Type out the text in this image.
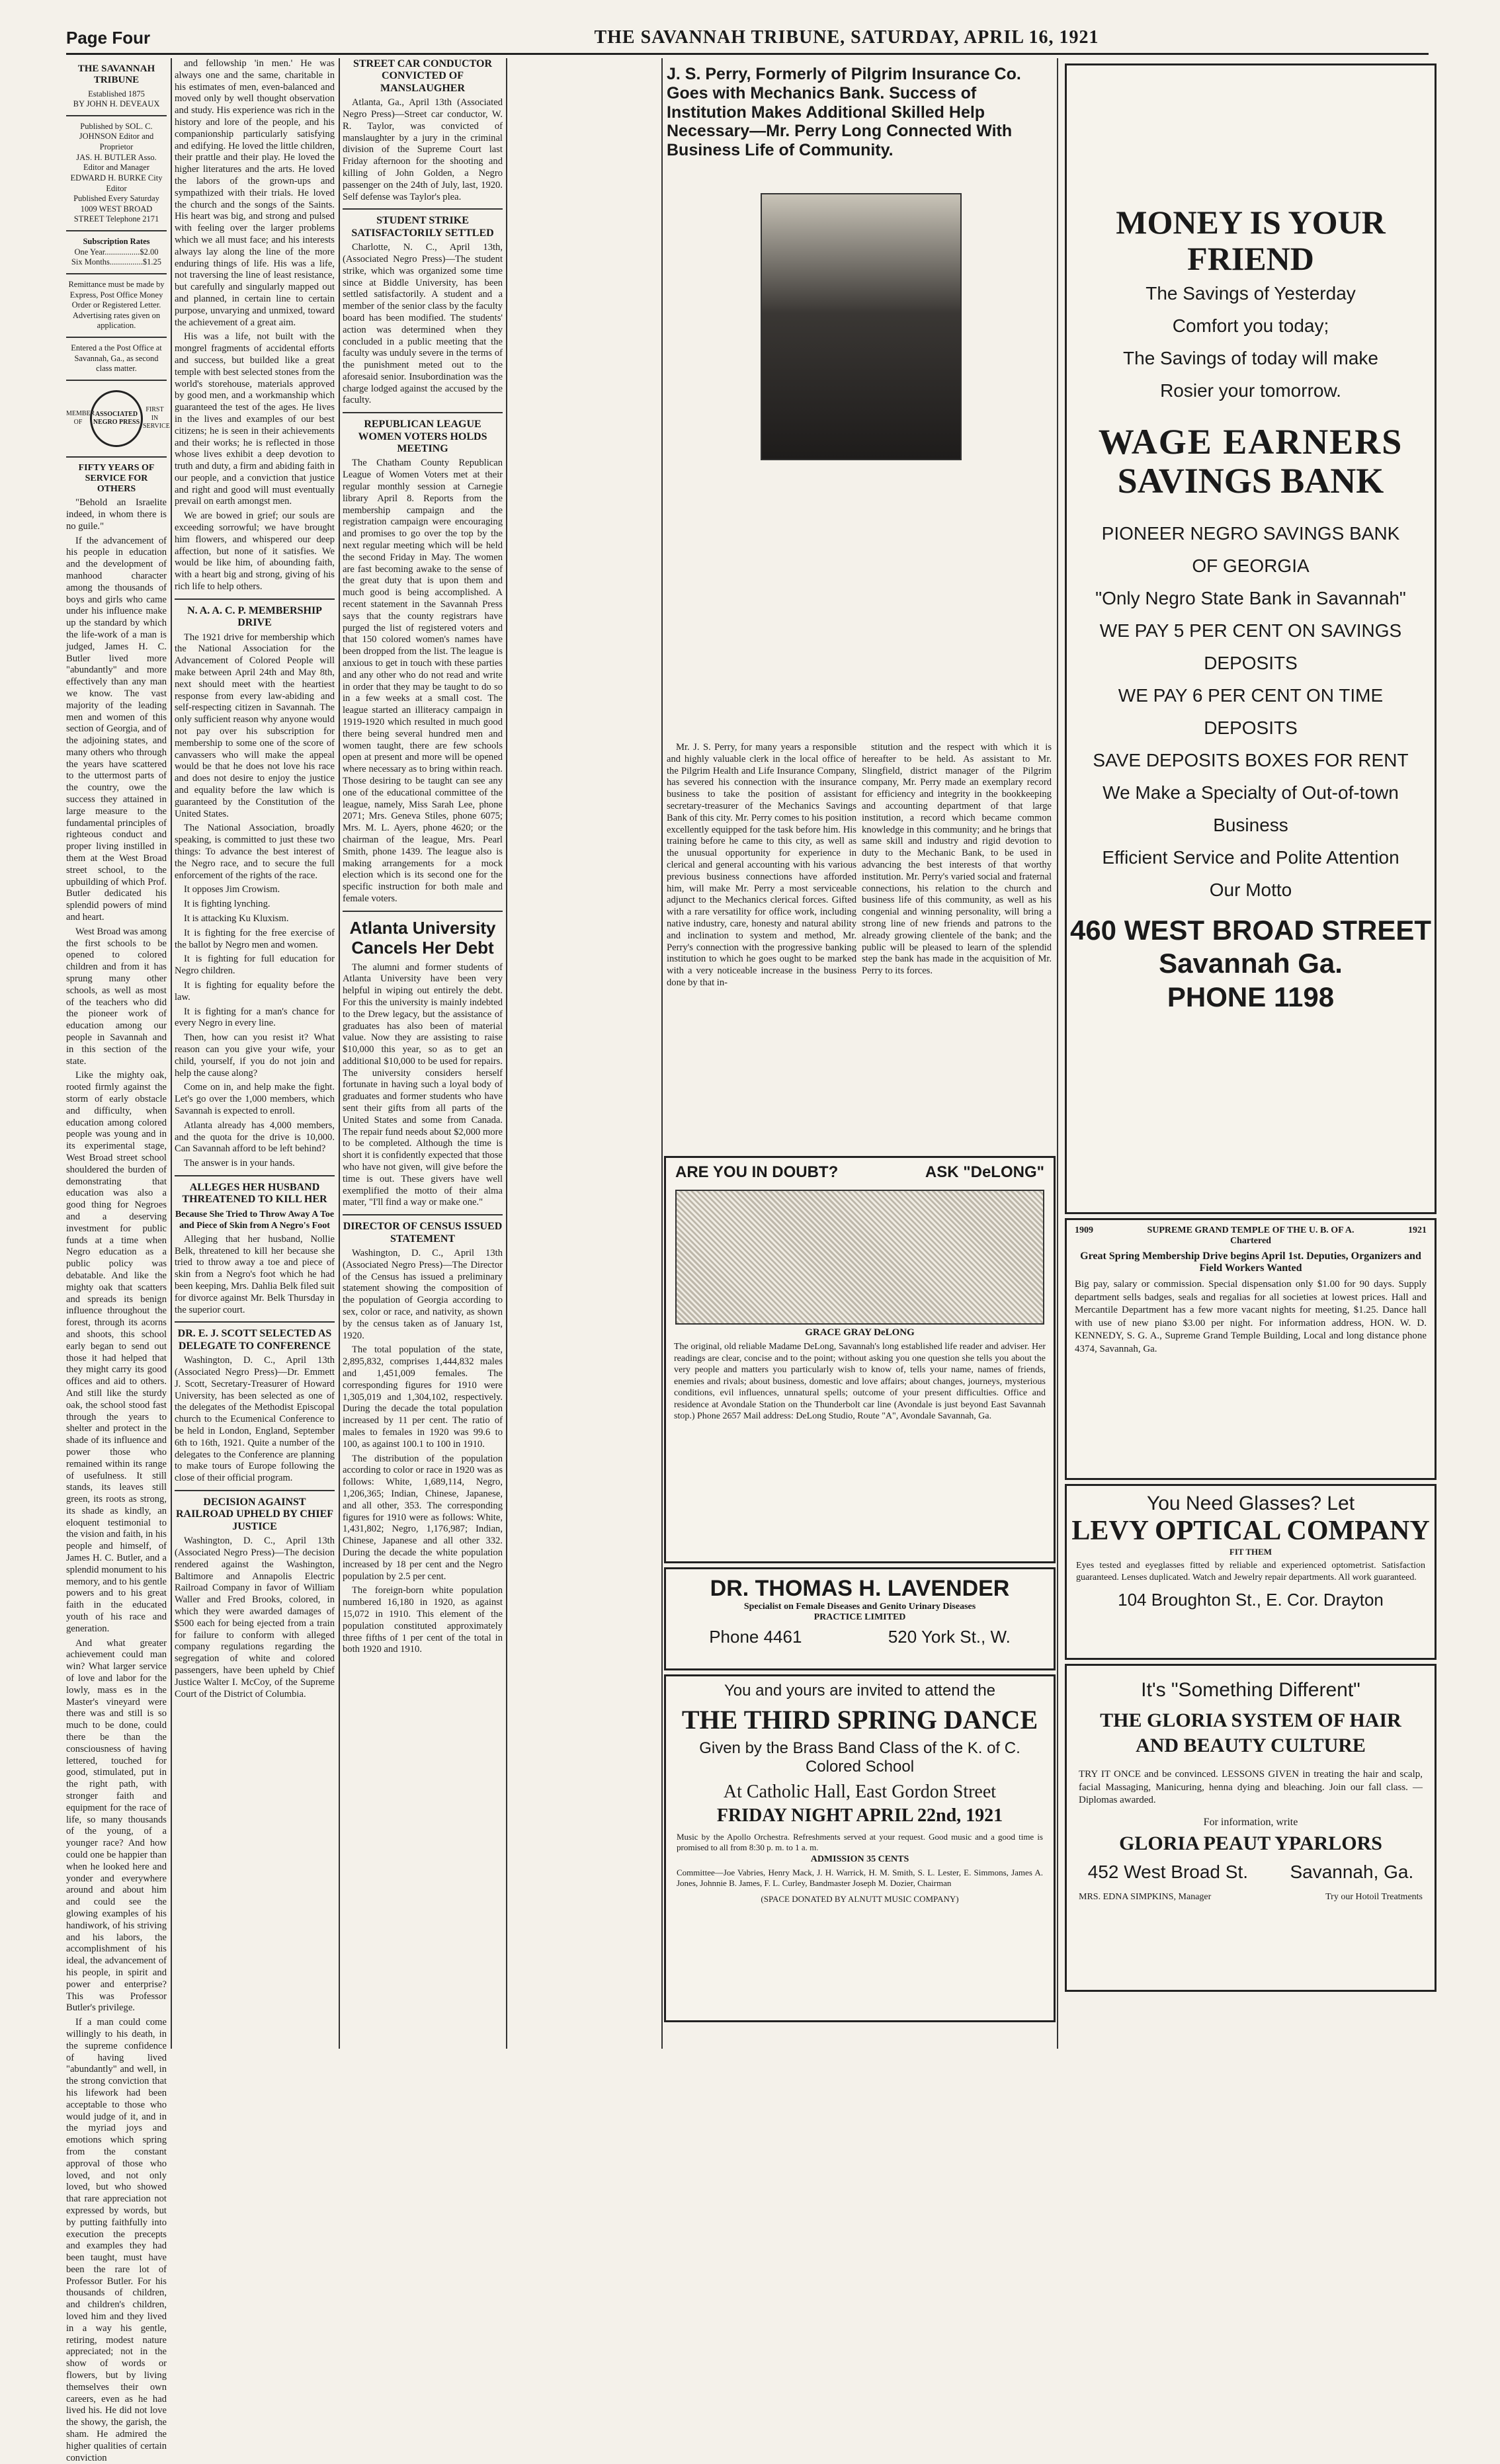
Page Four	THE SAVANNAH TRIBUNE, SATURDAY, APRIL 16, 1921
THE SAVANNAH TRIBUNE
Established 1875
BY JOHN H. DEVEAUX
Published by SOL. C. JOHNSON Editor and Proprietor
JAS. H. BUTLER Asso. Editor and Manager
EDWARD H. BURKE City Editor
Published Every Saturday 1009 WEST BROAD STREET Telephone 2171
Subscription Rates
One Year.................$2.00
Six Months................$1.25
Remittance must be made by Express, Post Office Money Order or Registered Letter. Advertising rates given on application.
Entered a the Post Office at Savannah, Ga., as second class matter.
MEMBER OF
ASSOCIATED NEGRO PRESS
FIRST IN SERVICE
FIFTY YEARS OF SERVICE FOR OTHERS

"Behold an Israelite indeed, in whom there is no guile."

If the advancement of his people in education and the development of manhood character among the thousands of boys and girls who came under his influence make up the standard by which the life-work of a man is judged, James H. C. Butler lived more "abundantly" and more effectively than any man we know. The vast majority of the leading men and women of this section of Georgia, and of the adjoining states, and many others who through the years have scattered to the uttermost parts of the country, owe the success they attained in large measure to the fundamental principles of righteous conduct and proper living instilled in them at the West Broad street school, to the upbuilding of which Prof. Butler dedicated his splendid powers of mind and heart.

West Broad was among the first schools to be opened to colored children and from it has sprung many other schools, as well as most of the teachers who did the pioneer work of education among our people in Savannah and in this section of the state.

Like the mighty oak, rooted firmly against the storm of early obstacle and difficulty, when education among colored people was young and in its experimental stage, West Broad street school shouldered the burden of demonstrating that education was also a good thing for Negroes and a deserving investment for public funds at a time when Negro education as a public policy was debatable. And like the mighty oak that scatters and spreads its benign influence throughout the forest, through its acorns and shoots, this school early began to send out those it had helped that they might carry its good offices and aid to others. And still like the sturdy oak, the school stood fast through the years to shelter and protect in the shade of its influence and power those who remained within its range of usefulness. It still stands, its leaves still green, its roots as strong, its shade as kindly, an eloquent testimonial to the vision and faith, in his people and himself, of James H. C. Butler, and a splendid monument to his memory, and to his gentle powers and to his great faith in the educated youth of his race and generation.

And what greater achievement could man win? What larger service of love and labor for the lowly, mass es in the Master's vineyard were there was and still is so much to be done, could there be than the consciousness of having lettered, touched for good, stimulated, put in the right path, with stronger faith and equipment for the race of life, so many thousands of the young, of a younger race? And how could one be happier than when he looked here and yonder and everywhere around and about him and could see the glowing examples of his handiwork, of his striving and his labors, the accomplishment of his ideal, the advancement of his people, in spirit and power and enterprise? This was Professor Butler's privilege.

If a man could come willingly to his death, in the supreme confidence of having lived "abundantly" and well, in the strong conviction that his lifework had been acceptable to those who would judge of it, and in the myriad joys and emotions which spring from the constant approval of those who loved, and not only loved, but who showed that rare appreciation not expressed by words, but by putting faithfully into execution the precepts and examples they had been taught, must have been the rare lot of Professor Butler. For his thousands of children, and children's children, loved him and they lived in a way his gentle, retiring, modest nature appreciated; not in the show of words or flowers, but by living themselves their own careers, even as he had lived his. He did not love the showy, the garish, the sham. He admired the higher qualities of certain conviction

and fellowship 'in men.' He was always one and the same, charitable in his estimates of men, even-balanced and moved only by well thought observation and study. His experience was rich in the history and lore of the people, and his companionship particularly satisfying and edifying. He loved the little children, their prattle and their play. He loved the higher literatures and the arts. He loved the labors of the grown-ups and sympathized with their trials. He loved the church and the songs of the Saints. His heart was big, and strong and pulsed with feeling over the larger problems which we all must face; and his interests always lay along the line of the more enduring things of life. His was a life, not traversing the line of least resistance, but carefully and singularly mapped out and planned, in certain line to certain purpose, unvarying and unmixed, toward the achievement of a great aim.

His was a life, not built with the mongrel fragments of accidental efforts and success, but builded like a great temple with best selected stones from the world's storehouse, materials approved by good men, and a workmanship which guaranteed the test of the ages. He lives in the lives and examples of our best citizens; he is seen in their achievements and their works; he is reflected in those whose lives exhibit a deep devotion to truth and duty, a firm and abiding faith in our people, and a conviction that justice and right and good will must eventually prevail on earth amongst men.

We are bowed in grief; our souls are exceeding sorrowful; we have brought him flowers, and whispered our deep affection, but none of it satisfies. We would be like him, of abounding faith, with a heart big and strong, giving of his rich life to help others.

N. A. A. C. P. MEMBERSHIP DRIVE

The 1921 drive for membership which the National Association for the Advancement of Colored People will make between April 24th and May 8th, next should meet with the heartiest response from every law-abiding and self-respecting citizen in Savannah. The only sufficient reason why anyone would not pay over his subscription for membership to some one of the score of canvassers who will make the appeal would be that he does not love his race and does not desire to enjoy the justice and equality before the law which is guaranteed by the Constitution of the United States.

The National Association, broadly speaking, is committed to just these two things: To advance the best interest of the Negro race, and to secure the full enforcement of the rights of the race.

It opposes Jim Crowism.

It is fighting lynching.

It is attacking Ku Kluxism.

It is fighting for the free exercise of the ballot by Negro men and women.

It is fighting for full education for Negro children.

It is fighting for equality before the law.

It is fighting for a man's chance for every Negro in every line.

Then, how can you resist it? What reason can you give your wife, your child, yourself, if you do not join and help the cause along?

Come on in, and help make the fight. Let's go over the 1,000 members, which Savannah is expected to enroll.

Atlanta already has 4,000 members, and the quota for the drive is 10,000. Can Savannah afford to be left behind?

The answer is in your hands.

ALLEGES HER HUSBAND THREATENED TO KILL HER
Because She Tried to Throw Away A Toe and Piece of Skin from A Negro's Foot

Alleging that her husband, Nollie Belk, threatened to kill her because she tried to throw away a toe and piece of skin from a Negro's foot which he had been keeping, Mrs. Dahlia Belk filed suit for divorce against Mr. Belk Thursday in the superior court.

DR. E. J. SCOTT SELECTED AS DELEGATE TO CONFERENCE

Washington, D. C., April 13th (Associated Negro Press)—Dr. Emmett J. Scott, Secretary-Treasurer of Howard University, has been selected as one of the delegates of the Methodist Episcopal church to the Ecumenical Conference to be held in London, England, September 6th to 16th, 1921. Quite a number of the delegates to the Conference are planning to make tours of Europe following the close of their official program.

DECISION AGAINST RAILROAD UPHELD BY CHIEF JUSTICE

Washington, D. C., April 13th (Associated Negro Press)—The decision rendered against the Washington, Baltimore and Annapolis Electric Railroad Company in favor of William Waller and Fred Brooks, colored, in which they were awarded damages of $500 each for being ejected from a train for failure to conform with alleged company regulations regarding the segregation of white and colored passengers, have been upheld by Chief Justice Walter I. McCoy, of the Supreme Court of the District of Columbia.

STREET CAR CONDUCTOR CONVICTED OF MANSLAUGHER

Atlanta, Ga., April 13th (Associated Negro Press)—Street car conductor, W. R. Taylor, was convicted of manslaughter by a jury in the criminal division of the Supreme Court last Friday afternoon for the shooting and killing of John Golden, a Negro passenger on the 24th of July, last, 1920. Self defense was Taylor's plea.

STUDENT STRIKE SATISFACTORILY SETTLED

Charlotte, N. C., April 13th, (Associated Negro Press)—The student strike, which was organized some time since at Biddle University, has been settled satisfactorily. A student and a member of the senior class by the faculty board has been modified. The students' action was determined when they concluded in a public meeting that the faculty was unduly severe in the terms of the punishment meted out to the aforesaid senior. Insubordination was the charge lodged against the accused by the faculty.

REPUBLICAN LEAGUE WOMEN VOTERS HOLDS MEETING

The Chatham County Republican League of Women Voters met at their regular monthly session at Carnegie library April 8. Reports from the membership campaign and the registration campaign were encouraging and promises to go over the top by the next regular meeting which will be held the second Friday in May. The women are fast becoming awake to the sense of the great duty that is upon them and much good is being accomplished. A recent statement in the Savannah Press says that the county registrars have purged the list of registered voters and that 150 colored women's names have been dropped from the list. The league is anxious to get in touch with these parties and any other who do not read and write in order that they may be taught to do so in a few weeks at a small cost. The league started an illiteracy campaign in 1919-1920 which resulted in much good there being several hundred men and women taught, there are few schools open at present and more will be opened where necessary as to bring within reach. Those desiring to be taught can see any one of the educational committee of the league, namely, Miss Sarah Lee, phone 2071; Mrs. Geneva Stiles, phone 6075; Mrs. M. L. Ayers, phone 4620; or the chairman of the league, Mrs. Pearl Smith, phone 1439. The league also is making arrangements for a mock election which is its second one for the specific instruction for both male and female voters.

Atlanta University Cancels Her Debt

The alumni and former students of Atlanta University have been very helpful in wiping out entirely the debt. For this the university is mainly indebted to the Drew legacy, but the assistance of graduates has also been of material value. Now they are assisting to raise $10,000 this year, so as to get an additional $10,000 to be used for repairs. The university considers herself fortunate in having such a loyal body of graduates and former students who have sent their gifts from all parts of the United States and some from Canada. The repair fund needs about $2,000 more to be completed. Although the time is short it is confidently expected that those who have not given, will give before the time is out. These givers have well exemplified the motto of their alma mater, "I'll find a way or make one."

DIRECTOR OF CENSUS ISSUED STATEMENT

Washington, D. C., April 13th (Associated Negro Press)—The Director of the Census has issued a preliminary statement showing the composition of the population of Georgia according to sex, color or race, and nativity, as shown by the census taken as of January 1st, 1920.

The total population of the state, 2,895,832, comprises 1,444,832 males and 1,451,009 females. The corresponding figures for 1910 were 1,305,019 and 1,304,102, respectively. During the decade the total population increased by 11 per cent. The ratio of males to females in 1920 was 99.6 to 100, as against 100.1 to 100 in 1910.

The distribution of the population according to color or race in 1920 was as follows: White, 1,689,114, Negro, 1,206,365; Indian, Chinese, Japanese, and all other, 353. The corresponding figures for 1910 were as follows: White, 1,431,802; Negro, 1,176,987; Indian, Chinese, Japanese and all other 332. During the decade the white population increased by 18 per cent and the Negro population by 2.5 per cent.

The foreign-born white population numbered 16,180 in 1920, as against 15,072 in 1910. This element of the population constituted approximately three fifths of 1 per cent of the total in both 1920 and 1910.

J. S. Perry, Formerly of Pilgrim Insurance Co. Goes with Mechanics Bank. Success of Institution Makes Additional Skilled Help Necessary—Mr. Perry Long Connected With Business Life of Community.

Mr. J. S. Perry, for many years a responsible and highly valuable clerk in the local office of the Pilgrim Health and Life Insurance Company, has severed his connection with the insurance business to take the position of assistant secretary-treasurer of the Mechanics Savings Bank of this city. Mr. Perry comes to his position excellently equipped for the task before him. His training before he came to this city, as well as the unusual opportunity for experience in clerical and general accounting with his various previous business connections have afforded him, will make Mr. Perry a most serviceable adjunct to the Mechanics clerical forces. Gifted with a rare versatility for office work, including native industry, care, honesty and natural ability and inclination to system and method, Mr. Perry's connection with the progressive banking institution to which he goes ought to be marked with a very noticeable increase in the business done by that in-

stitution and the respect with which it is hereafter to be held. As assistant to Mr. Slingfield, district manager of the Pilgrim company, Mr. Perry made an exemplary record for efficiency and integrity in the bookkeeping and accounting department of that large institution, a record which became common knowledge in this community; and he brings that same skill and industry and rigid devotion to duty to the Mechanic Bank, to be used in advancing the best interests of that worthy institution. Mr. Perry's varied social and fraternal connections, his relation to the church and business life of this community, as well as his congenial and winning personality, will bring a strong line of new friends and patrons to the already growing clientele of the bank; and the public will be pleased to learn of the splendid step the bank has made in the acquisition of Mr. Perry to its forces.

ARE YOU IN DOUBT?	ASK "DeLONG"
GRACE GRAY DeLONG
The original, old reliable Madame DeLong, Savannah's long established life reader and adviser. Her readings are clear, concise and to the point; without asking you one question she tells you about the very people and matters you particularly wish to know of, tells your name, names of friends, enemies and rivals; about business, domestic and love affairs; about changes, journeys, mysterious conditions, evil influences, unnatural spells; outcome of your present difficulties. Office and residence at Avondale Station on the Thunderbolt car line (Avondale is just beyond East Savannah stop.) Phone 2657 Mail address: DeLong Studio, Route "A", Avondale Savannah, Ga.
DR. THOMAS H. LAVENDER
Specialist on Female Diseases and Genito Urinary Diseases
PRACTICE LIMITED
Phone 4461	520 York St., W.
You and yours are invited to attend the
THE THIRD SPRING DANCE
Given by the Brass Band Class of the K. of C. Colored School
At Catholic Hall, East Gordon Street
FRIDAY NIGHT APRIL 22nd, 1921
Music by the Apollo Orchestra. Refreshments served at your request. Good music and a good time is promised to all from 8:30 p. m. to 1 a. m.
ADMISSION 35 CENTS
Committee—Joe Vabries, Henry Mack, J. H. Warrick, H. M. Smith, S. L. Lester, E. Simmons, James A. Jones, Johnnie B. James, F. L. Curley, Bandmaster Joseph M. Dozier, Chairman
(SPACE DONATED BY ALNUTT MUSIC COMPANY)
MONEY IS YOUR
FRIEND
The Savings of Yesterday
Comfort you today;
The Savings of today will make
Rosier your tomorrow.
WAGE EARNERS
SAVINGS BANK
PIONEER NEGRO SAVINGS BANK
OF GEORGIA
"Only Negro State Bank in Savannah"
WE PAY 5 PER CENT ON SAVINGS
DEPOSITS
WE PAY 6 PER CENT ON TIME
DEPOSITS
SAVE DEPOSITS BOXES FOR RENT
We Make a Specialty of Out-of-town
Business
Efficient Service and Polite Attention
Our Motto
460 WEST BROAD STREET
Savannah Ga.
PHONE 1198
1909	SUPREME GRAND TEMPLE OF THE U. B. OF A.	1921
Chartered
Great Spring Membership Drive begins April 1st. Deputies, Organizers and Field Workers Wanted
Big pay, salary or commission. Special dispensation only $1.00 for 90 days. Supply department sells badges, seals and regalias for all societies at lowest prices. Hall and Mercantile Department has a few more vacant nights for meeting, $1.25. Dance hall with use of new piano $3.00 per night. For information address, HON. W. D. KENNEDY, S. G. A., Supreme Grand Temple Building, Local and long distance phone 4374, Savannah, Ga.
You Need Glasses? Let
LEVY OPTICAL COMPANY
FIT THEM
Eyes tested and eyeglasses fitted by reliable and experienced optometrist. Satisfaction guaranteed. Lenses duplicated. Watch and Jewelry repair departments. All work guaranteed.
104 Broughton St., E. Cor. Drayton
It's "Something Different"
THE GLORIA SYSTEM OF HAIR AND BEAUTY CULTURE
TRY IT ONCE and be convinced. LESSONS GIVEN in treating the hair and scalp, facial Massaging, Manicuring, henna dying and bleaching. Join our fall class. — Diplomas awarded.
For information, write
GLORIA PEAUT YPARLORS
452 West Broad St. Savannah, Ga.
MRS. EDNA SIMPKINS, Manager	Try our Hotoil Treatments
